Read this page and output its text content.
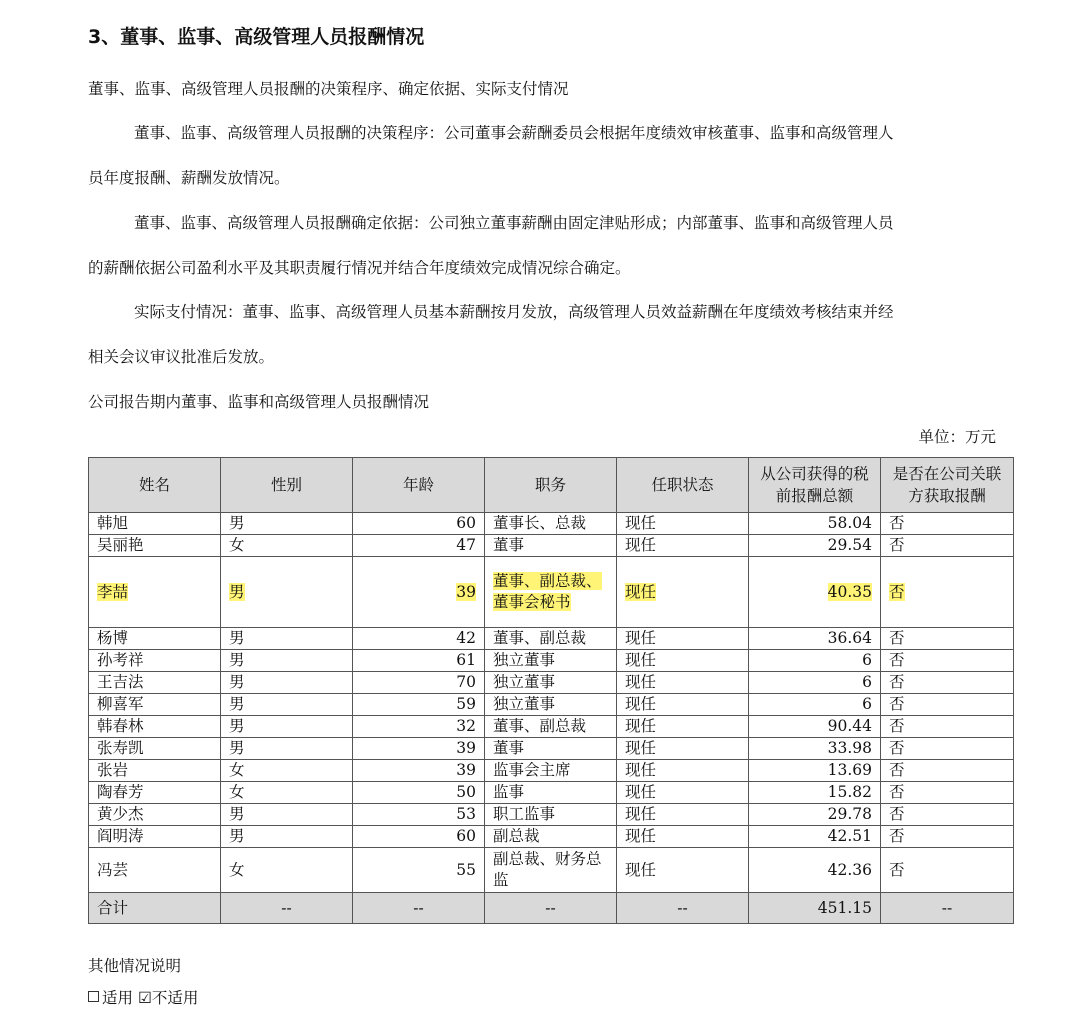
3、董事、监事、高级管理人员报酬情况
董事、监事、高级管理人员报酬的决策程序、确定依据、实际支付情况
董事、监事、高级管理人员报酬的决策程序：公司董事会薪酬委员会根据年度绩效审核董事、监事和高级管理人
员年度报酬、薪酬发放情况。
董事、监事、高级管理人员报酬确定依据：公司独立董事薪酬由固定津贴形成；内部董事、监事和高级管理人员
的薪酬依据公司盈利水平及其职责履行情况并结合年度绩效完成情况综合确定。
实际支付情况：董事、监事、高级管理人员基本薪酬按月发放，高级管理人员效益薪酬在年度绩效考核结束并经
相关会议审议批准后发放。
公司报告期内董事、监事和高级管理人员报酬情况
单位：万元
姓名	性别	年龄	职务	任职状态	从公司获得的税前报酬总额	是否在公司关联方获取报酬
韩旭	男	60	董事长、总裁	现任	58.04	否
吴丽艳	女	47	董事	现任	29.54	否
李喆	男	39	董事、副总裁、董事会秘书	现任	40.35	否
杨博	男	42	董事、副总裁	现任	36.64	否
孙考祥	男	61	独立董事	现任	6	否
王吉法	男	70	独立董事	现任	6	否
柳喜军	男	59	独立董事	现任	6	否
韩春林	男	32	董事、副总裁	现任	90.44	否
张寿凯	男	39	董事	现任	33.98	否
张岩	女	39	监事会主席	现任	13.69	否
陶春芳	女	50	监事	现任	15.82	否
黄少杰	男	53	职工监事	现任	29.78	否
阎明涛	男	60	副总裁	现任	42.51	否
冯芸	女	55	副总裁、财务总监	现任	42.36	否
合计	--	--	--	--	451.15	--
其他情况说明
适用 ☑不适用
